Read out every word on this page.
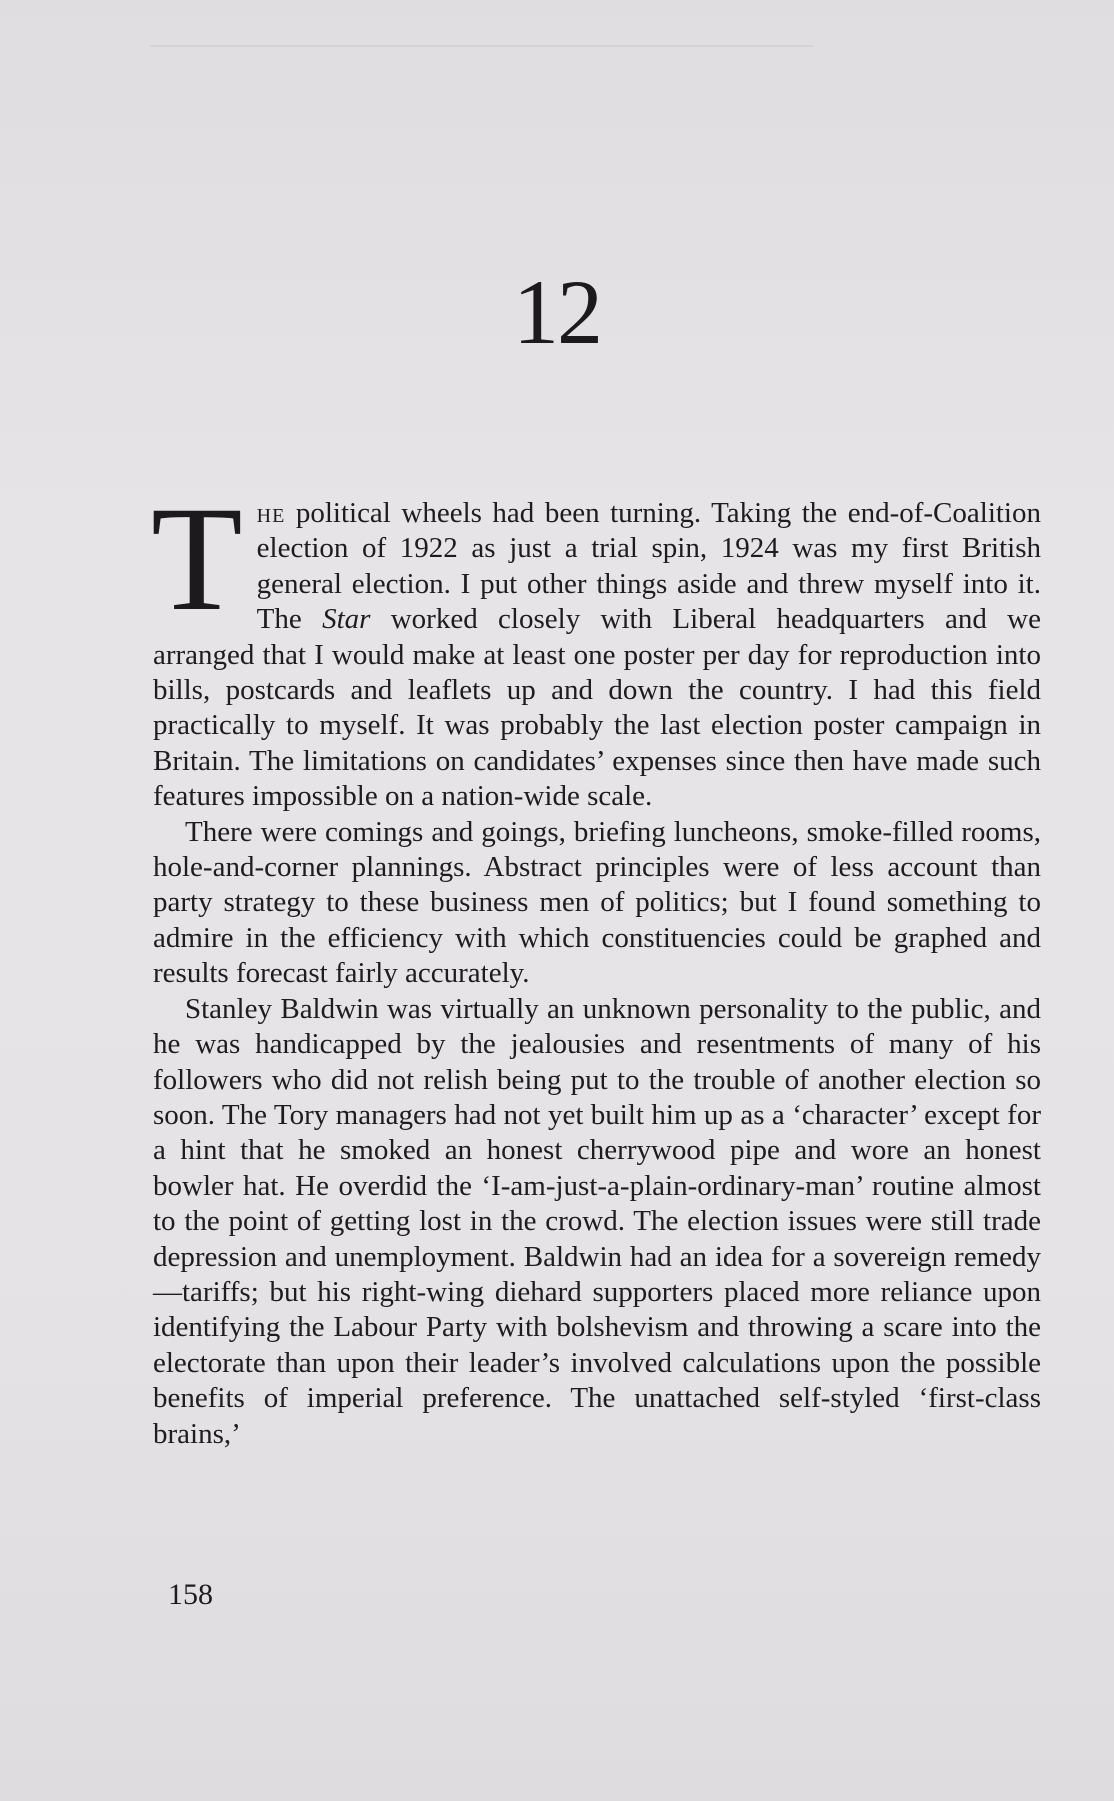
────────────────────────────────────
12

The political wheels had been turning. Taking the end-of-Coalition election of 1922 as just a trial spin, 1924 was my first British general election. I put other things aside and threw myself into it. The Star worked closely with Liberal headquarters and we arranged that I would make at least one poster per day for reproduction into bills, postcards and leaflets up and down the country. I had this field practically to myself. It was probably the last election poster campaign in Britain. The limitations on candidates’ expenses since then have made such features impossible on a nation-wide scale.

There were comings and goings, briefing luncheons, smoke-filled rooms, hole-and-corner plannings. Abstract principles were of less account than party strategy to these business men of politics; but I found something to admire in the efficiency with which constituencies could be graphed and results forecast fairly accurately.

Stanley Baldwin was virtually an unknown personality to the public, and he was handicapped by the jealousies and resentments of many of his followers who did not relish being put to the trouble of another election so soon. The Tory managers had not yet built him up as a ‘character’ except for a hint that he smoked an honest cherrywood pipe and wore an honest bowler hat. He overdid the ‘I-am-just-a-plain-ordinary-man’ routine almost to the point of getting lost in the crowd. The election issues were still trade depression and unemployment. Baldwin had an idea for a sovereign remedy—tariffs; but his right-wing diehard supporters placed more reliance upon identifying the Labour Party with bolshevism and throwing a scare into the electorate than upon their leader’s involved calculations upon the possible benefits of imperial preference. The unattached self-styled ‘first-class brains,’

158
